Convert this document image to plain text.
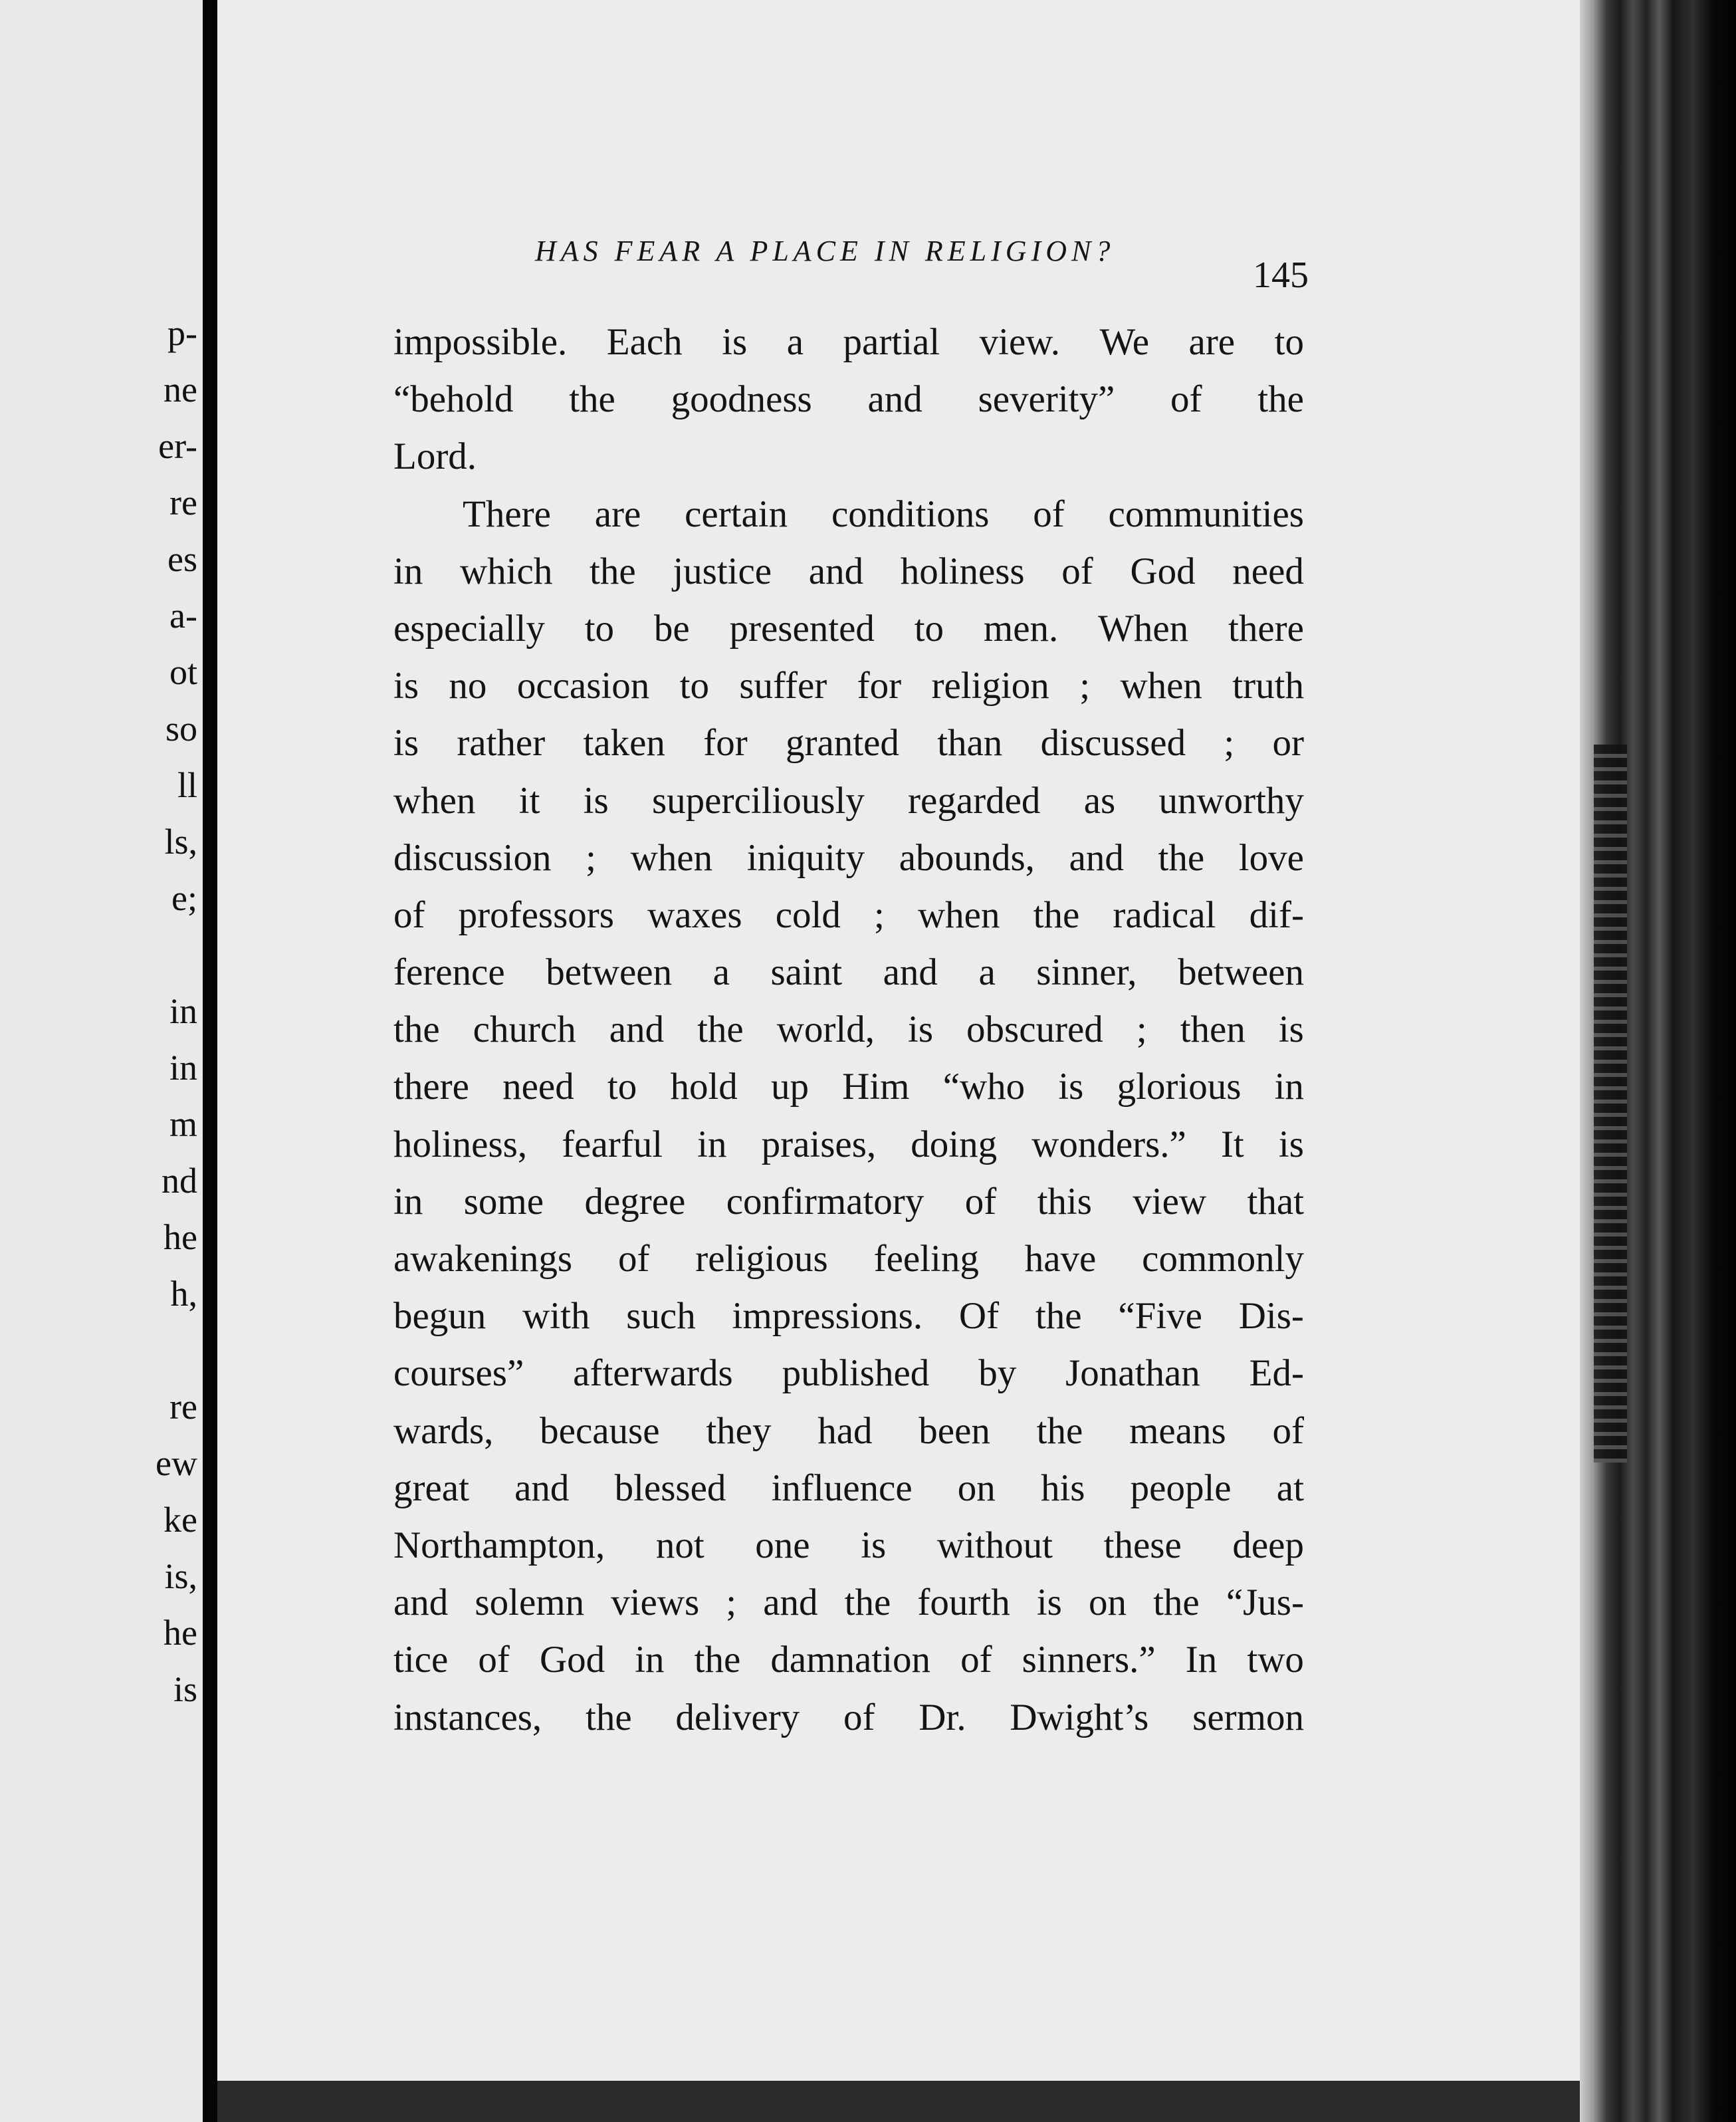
p-
ne
er-
re
es
a-
ot
so
ll
ls,
e;
in
in
m
nd
he
h,
re
ew
ke
is,
he
is
HAS FEAR A PLACE IN RELIGION?
145
impossible. Each is a partial view. We are to
“behold the goodness and severity” of the
Lord.
There are certain conditions of communities
in which the justice and holiness of God need
especially to be presented to men. When there
is no occasion to suffer for religion ; when truth
is rather taken for granted than discussed ; or
when it is superciliously regarded as unworthy
discussion ; when iniquity abounds, and the love
of professors waxes cold ; when the radical dif-
ference between a saint and a sinner, between
the church and the world, is obscured ; then is
there need to hold up Him “who is glorious in
holiness, fearful in praises, doing wonders.” It is
in some degree confirmatory of this view that
awakenings of religious feeling have commonly
begun with such impressions. Of the “Five Dis-
courses” afterwards published by Jonathan Ed-
wards, because they had been the means of
great and blessed influence on his people at
Northampton, not one is without these deep
and solemn views ; and the fourth is on the “Jus-
tice of God in the damnation of sinners.” In two
instances, the delivery of Dr. Dwight’s sermon
